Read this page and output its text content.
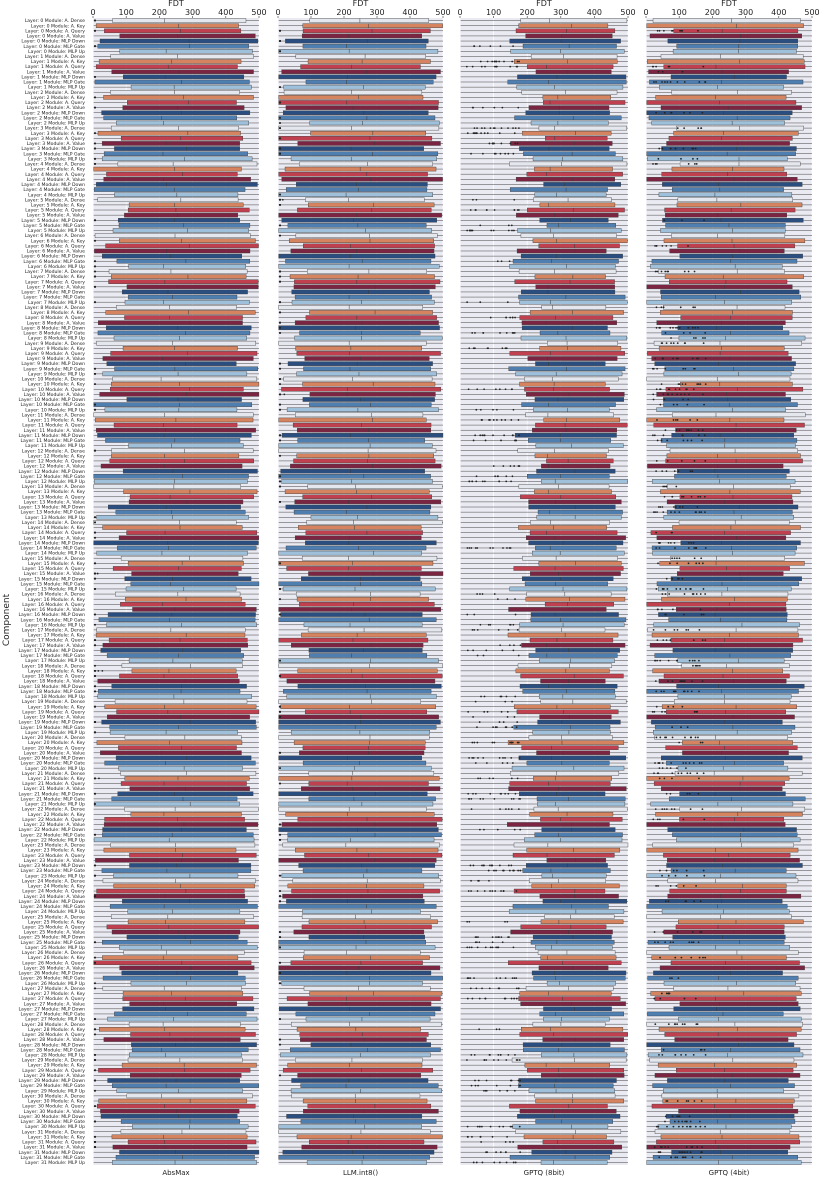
Component
Layer: 0 Module: A. Dense
Layer: 0 Module: A. Key
Layer: 0 Module: A. Query
Layer: 0 Module: A. Value
Layer: 0 Module: MLP Down
Layer: 0 Module: MLP Gate
Layer: 0 Module: MLP Up
Layer: 1 Module: A. Dense
Layer: 1 Module: A. Key
Layer: 1 Module: A. Query
Layer: 1 Module: A. Value
Layer: 1 Module: MLP Down
Layer: 1 Module: MLP Gate
Layer: 1 Module: MLP Up
Layer: 2 Module: A. Dense
Layer: 2 Module: A. Key
Layer: 2 Module: A. Query
Layer: 2 Module: A. Value
Layer: 2 Module: MLP Down
Layer: 2 Module: MLP Gate
Layer: 2 Module: MLP Up
Layer: 3 Module: A. Dense
Layer: 3 Module: A. Key
Layer: 3 Module: A. Query
Layer: 3 Module: A. Value
Layer: 3 Module: MLP Down
Layer: 3 Module: MLP Gate
Layer: 3 Module: MLP Up
Layer: 4 Module: A. Dense
Layer: 4 Module: A. Key
Layer: 4 Module: A. Query
Layer: 4 Module: A. Value
Layer: 4 Module: MLP Down
Layer: 4 Module: MLP Gate
Layer: 4 Module: MLP Up
Layer: 5 Module: A. Dense
Layer: 5 Module: A. Key
Layer: 5 Module: A. Query
Layer: 5 Module: A. Value
Layer: 5 Module: MLP Down
Layer: 5 Module: MLP Gate
Layer: 5 Module: MLP Up
Layer: 6 Module: A. Dense
Layer: 6 Module: A. Key
Layer: 6 Module: A. Query
Layer: 6 Module: A. Value
Layer: 6 Module: MLP Down
Layer: 6 Module: MLP Gate
Layer: 6 Module: MLP Up
Layer: 7 Module: A. Dense
Layer: 7 Module: A. Key
Layer: 7 Module: A. Query
Layer: 7 Module: A. Value
Layer: 7 Module: MLP Down
Layer: 7 Module: MLP Gate
Layer: 7 Module: MLP Up
Layer: 8 Module: A. Dense
Layer: 8 Module: A. Key
Layer: 8 Module: A. Query
Layer: 8 Module: A. Value
Layer: 8 Module: MLP Down
Layer: 8 Module: MLP Gate
Layer: 8 Module: MLP Up
Layer: 9 Module: A. Dense
Layer: 9 Module: A. Key
Layer: 9 Module: A. Query
Layer: 9 Module: A. Value
Layer: 9 Module: MLP Down
Layer: 9 Module: MLP Gate
Layer: 9 Module: MLP Up
Layer: 10 Module: A. Dense
Layer: 10 Module: A. Key
Layer: 10 Module: A. Query
Layer: 10 Module: A. Value
Layer: 10 Module: MLP Down
Layer: 10 Module: MLP Gate
Layer: 10 Module: MLP Up
Layer: 11 Module: A. Dense
Layer: 11 Module: A. Key
Layer: 11 Module: A. Query
Layer: 11 Module: A. Value
Layer: 11 Module: MLP Down
Layer: 11 Module: MLP Gate
Layer: 11 Module: MLP Up
Layer: 12 Module: A. Dense
Layer: 12 Module: A. Key
Layer: 12 Module: A. Query
Layer: 12 Module: A. Value
Layer: 12 Module: MLP Down
Layer: 12 Module: MLP Gate
Layer: 12 Module: MLP Up
Layer: 13 Module: A. Dense
Layer: 13 Module: A. Key
Layer: 13 Module: A. Query
Layer: 13 Module: A. Value
Layer: 13 Module: MLP Down
Layer: 13 Module: MLP Gate
Layer: 13 Module: MLP Up
Layer: 14 Module: A. Dense
Layer: 14 Module: A. Key
Layer: 14 Module: A. Query
Layer: 14 Module: A. Value
Layer: 14 Module: MLP Down
Layer: 14 Module: MLP Gate
Layer: 14 Module: MLP Up
Layer: 15 Module: A. Dense
Layer: 15 Module: A. Key
Layer: 15 Module: A. Query
Layer: 15 Module: A. Value
Layer: 15 Module: MLP Down
Layer: 15 Module: MLP Gate
Layer: 15 Module: MLP Up
Layer: 16 Module: A. Dense
Layer: 16 Module: A. Key
Layer: 16 Module: A. Query
Layer: 16 Module: A. Value
Layer: 16 Module: MLP Down
Layer: 16 Module: MLP Gate
Layer: 16 Module: MLP Up
Layer: 17 Module: A. Dense
Layer: 17 Module: A. Key
Layer: 17 Module: A. Query
Layer: 17 Module: A. Value
Layer: 17 Module: MLP Down
Layer: 17 Module: MLP Gate
Layer: 17 Module: MLP Up
Layer: 18 Module: A. Dense
Layer: 18 Module: A. Key
Layer: 18 Module: A. Query
Layer: 18 Module: A. Value
Layer: 18 Module: MLP Down
Layer: 18 Module: MLP Gate
Layer: 18 Module: MLP Up
Layer: 19 Module: A. Dense
Layer: 19 Module: A. Key
Layer: 19 Module: A. Query
Layer: 19 Module: A. Value
Layer: 19 Module: MLP Down
Layer: 19 Module: MLP Gate
Layer: 19 Module: MLP Up
Layer: 20 Module: A. Dense
Layer: 20 Module: A. Key
Layer: 20 Module: A. Query
Layer: 20 Module: A. Value
Layer: 20 Module: MLP Down
Layer: 20 Module: MLP Gate
Layer: 20 Module: MLP Up
Layer: 21 Module: A. Dense
Layer: 21 Module: A. Key
Layer: 21 Module: A. Query
Layer: 21 Module: A. Value
Layer: 21 Module: MLP Down
Layer: 21 Module: MLP Gate
Layer: 21 Module: MLP Up
Layer: 22 Module: A. Dense
Layer: 22 Module: A. Key
Layer: 22 Module: A. Query
Layer: 22 Module: A. Value
Layer: 22 Module: MLP Down
Layer: 22 Module: MLP Gate
Layer: 22 Module: MLP Up
Layer: 23 Module: A. Dense
Layer: 23 Module: A. Key
Layer: 23 Module: A. Query
Layer: 23 Module: A. Value
Layer: 23 Module: MLP Down
Layer: 23 Module: MLP Gate
Layer: 23 Module: MLP Up
Layer: 24 Module: A. Dense
Layer: 24 Module: A. Key
Layer: 24 Module: A. Query
Layer: 24 Module: A. Value
Layer: 24 Module: MLP Down
Layer: 24 Module: MLP Gate
Layer: 24 Module: MLP Up
Layer: 25 Module: A. Dense
Layer: 25 Module: A. Key
Layer: 25 Module: A. Query
Layer: 25 Module: A. Value
Layer: 25 Module: MLP Down
Layer: 25 Module: MLP Gate
Layer: 25 Module: MLP Up
Layer: 26 Module: A. Dense
Layer: 26 Module: A. Key
Layer: 26 Module: A. Query
Layer: 26 Module: A. Value
Layer: 26 Module: MLP Down
Layer: 26 Module: MLP Gate
Layer: 26 Module: MLP Up
Layer: 27 Module: A. Dense
Layer: 27 Module: A. Key
Layer: 27 Module: A. Query
Layer: 27 Module: A. Value
Layer: 27 Module: MLP Down
Layer: 27 Module: MLP Gate
Layer: 27 Module: MLP Up
Layer: 28 Module: A. Dense
Layer: 28 Module: A. Key
Layer: 28 Module: A. Query
Layer: 28 Module: A. Value
Layer: 28 Module: MLP Down
Layer: 28 Module: MLP Gate
Layer: 28 Module: MLP Up
Layer: 29 Module: A. Dense
Layer: 29 Module: A. Key
Layer: 29 Module: A. Query
Layer: 29 Module: A. Value
Layer: 29 Module: MLP Down
Layer: 29 Module: MLP Gate
Layer: 29 Module: MLP Up
Layer: 30 Module: A. Dense
Layer: 30 Module: A. Key
Layer: 30 Module: A. Query
Layer: 30 Module: A. Value
Layer: 30 Module: MLP Down
Layer: 30 Module: MLP Gate
Layer: 30 Module: MLP Up
Layer: 31 Module: A. Dense
Layer: 31 Module: A. Key
Layer: 31 Module: A. Query
Layer: 31 Module: A. Value
Layer: 31 Module: MLP Down
Layer: 31 Module: MLP Gate
Layer: 31 Module: MLP Up
0	100 200 300 400 500
FDT
AbsMax
0	100 200 300 400 500
FDT
LLM.int8()
0	100 200 300 400 500
FDT
GPTQ (8bit)
0	100 200 300 400 500
FDT
GPTQ (4bit)
